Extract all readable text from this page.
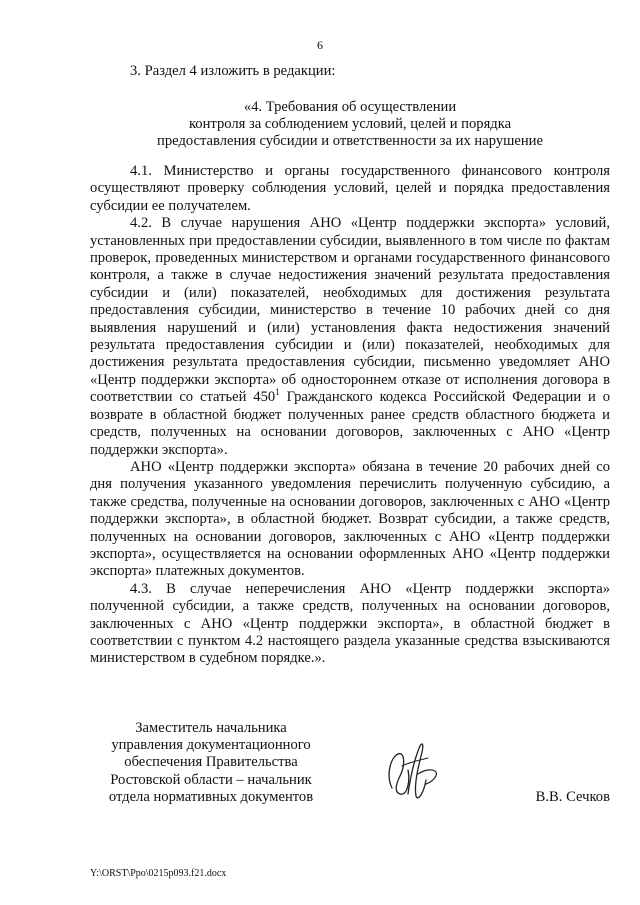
6
3. Раздел 4 изложить в редакции:
«4. Требования об осуществлении
контроля за соблюдением условий, целей и порядка
предоставления субсидии и ответственности за их нарушение

4.1. Министерство и органы государственного финансового контроля осуществляют проверку соблюдения условий, целей и порядка предоставления субсидии ее получателем.

4.2. В случае нарушения АНО «Центр поддержки экспорта» условий, установленных при предоставлении субсидии, выявленного в том числе по фактам проверок, проведенных министерством и органами государственного финансового контроля, а также в случае недостижения значений результата предоставления субсидии и (или) показателей, необходимых для достижения результата предоставления субсидии, министерство в течение 10 рабочих дней со дня выявления нарушений и (или) установления факта недостижения значений результата предоставления субсидии и (или) показателей, необходимых для достижения результата предоставления субсидии, письменно уведомляет АНО «Центр поддержки экспорта» об одностороннем отказе от исполнения договора в соответствии со статьей $450^1$ Гражданского кодекса Российской Федерации и о возврате в областной бюджет полученных ранее средств областного бюджета и средств, полученных на основании договоров, заключенных с АНО «Центр поддержки экспорта».

АНО «Центр поддержки экспорта» обязана в течение 20 рабочих дней со дня получения указанного уведомления перечислить полученную субсидию, а также средства, полученные на основании договоров, заключенных с АНО «Центр поддержки экспорта», в областной бюджет. Возврат субсидии, а также средств, полученных на основании договоров, заключенных с АНО «Центр поддержки экспорта», осуществляется на основании оформленных АНО «Центр поддержки экспорта» платежных документов.

4.3. В случае неперечисления АНО «Центр поддержки экспорта» полученной субсидии, а также средств, полученных на основании договоров, заключенных с АНО «Центр поддержки экспорта», в областной бюджет в соответствии с пунктом 4.2 настоящего раздела указанные средства взыскиваются министерством в судебном порядке.».

Заместитель начальника
управления документационного
обеспечения Правительства
Ростовской области – начальник
отдела нормативных документов	В.В. Сечков
Y:\ORST\Ppo\0215p093.f21.docx
